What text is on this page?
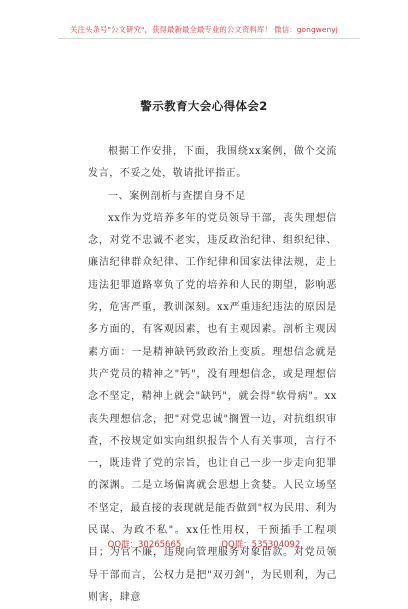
关注头条号"公文研究"，获得最新最全最专业的公文资料库！ 微信：gongwenyj
警示教育大会心得体会2

根据工作安排，下面，我围绕xx案例，做个交流发言，不妥之处，敬请批评指正。

一、案例剖析与查摆自身不足

xx作为党培养多年的党员领导干部，丧失理想信念，对党不忠诚不老实，违反政治纪律、组织纪律、廉洁纪律群众纪律、工作纪律和国家法律法规，走上违法犯罪道路辜负了党的培养和人民的期望，影响恶劣，危害严重，教训深刻。xx严重违纪违法的原因是多方面的，有客观因素，也有主观因素。剖析主观因素方面：一是精神缺钙致政治上变质。理想信念就是共产党员的精神之"钙"，没有理想信念，或是理想信念不坚定，精神上就会"缺钙"，就会得"软骨病"。xx丧失理想信念，把"对党忠诚"搁置一边，对抗组织审查，不按规定如实向组织报告个人有关事项，言行不一，既违背了党的宗旨，也让自己一步一步走向犯罪的深渊。二是立场偏离就会思想上贪婪。人民立场坚不坚定，最直接的表现就是能否做到"权为民用、利为民谋、为政不私"。xx任性用权，干预插手工程项目；为官不廉，违规向管理服务对象借款。对党员领导干部而言，公权力是把"双刃剑"，为民则利，为己则害，肆意

QQ群：30265665	QQ群：535304092
